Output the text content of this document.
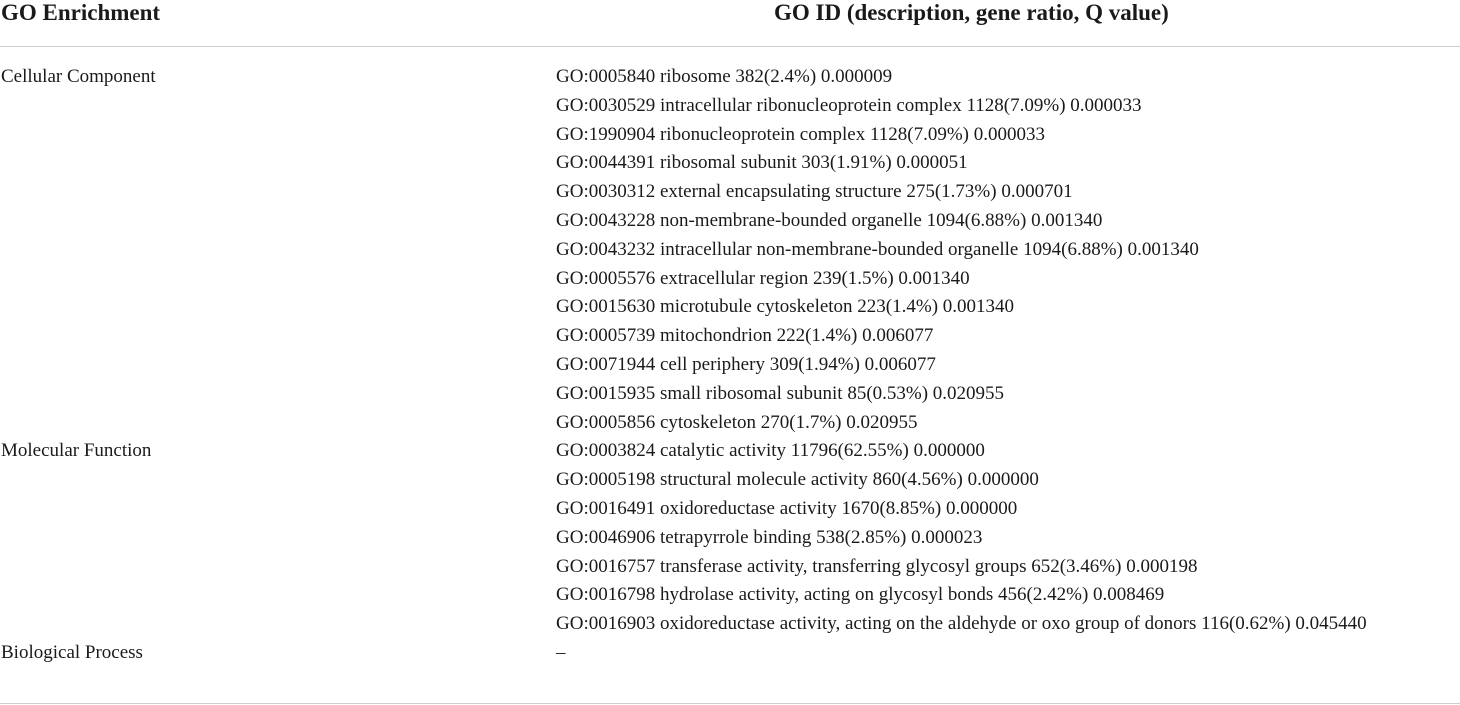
GO Enrichment	GO ID (description, gene ratio, Q value)
Cellular Component	GO:0005840 ribosome 382(2.4%) 0.000009
GO:0030529 intracellular ribonucleoprotein complex 1128(7.09%) 0.000033
GO:1990904 ribonucleoprotein complex 1128(7.09%) 0.000033
GO:0044391 ribosomal subunit 303(1.91%) 0.000051
GO:0030312 external encapsulating structure 275(1.73%) 0.000701
GO:0043228 non-membrane-bounded organelle 1094(6.88%) 0.001340
GO:0043232 intracellular non-membrane-bounded organelle 1094(6.88%) 0.001340
GO:0005576 extracellular region 239(1.5%) 0.001340
GO:0015630 microtubule cytoskeleton 223(1.4%) 0.001340
GO:0005739 mitochondrion 222(1.4%) 0.006077
GO:0071944 cell periphery 309(1.94%) 0.006077
GO:0015935 small ribosomal subunit 85(0.53%) 0.020955
GO:0005856 cytoskeleton 270(1.7%) 0.020955
Molecular Function	GO:0003824 catalytic activity 11796(62.55%) 0.000000
GO:0005198 structural molecule activity 860(4.56%) 0.000000
GO:0016491 oxidoreductase activity 1670(8.85%) 0.000000
GO:0046906 tetrapyrrole binding 538(2.85%) 0.000023
GO:0016757 transferase activity, transferring glycosyl groups 652(3.46%) 0.000198
GO:0016798 hydrolase activity, acting on glycosyl bonds 456(2.42%) 0.008469
GO:0016903 oxidoreductase activity, acting on the aldehyde or oxo group of donors 116(0.62%) 0.045440
Biological Process	–
